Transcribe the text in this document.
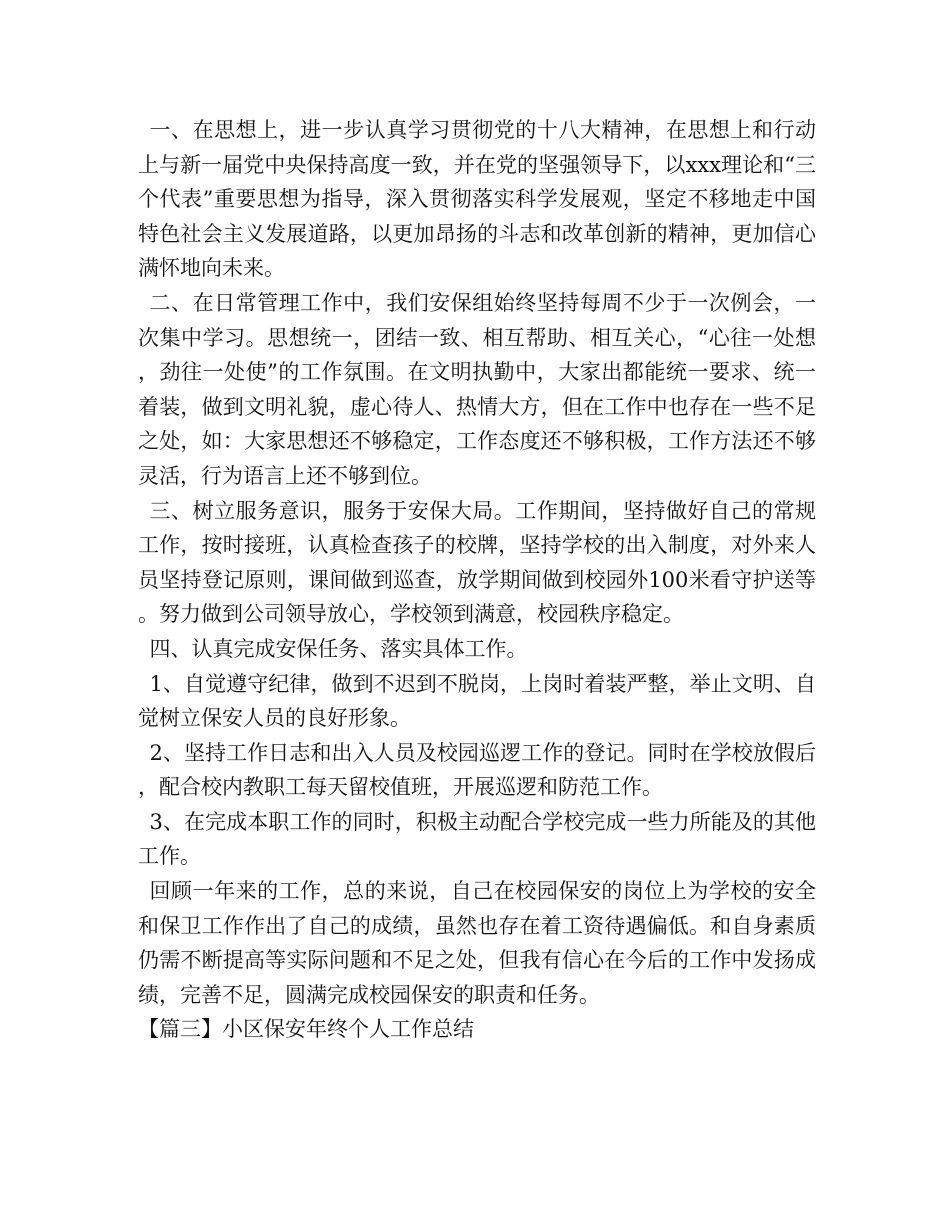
一、在思想上，进一步认真学习贯彻党的十八大精神，在思想上和行动上与新一届党中央保持高度一致，并在党的坚强领导下，以xxx理论和“三个代表”重要思想为指导，深入贯彻落实科学发展观，坚定不移地走中国特色社会主义发展道路，以更加昂扬的斗志和改革创新的精神，更加信心满怀地向未来。

二、在日常管理工作中，我们安保组始终坚持每周不少于一次例会，一次集中学习。思想统一，团结一致、相互帮助、相互关心，“心往一处想，劲往一处使”的工作氛围。在文明执勤中，大家出都能统一要求、统一着装，做到文明礼貌，虚心待人、热情大方，但在工作中也存在一些不足之处，如：大家思想还不够稳定，工作态度还不够积极，工作方法还不够灵活，行为语言上还不够到位。

三、树立服务意识，服务于安保大局。工作期间，坚持做好自己的常规工作，按时接班，认真检查孩子的校牌，坚持学校的出入制度，对外来人员坚持登记原则，课间做到巡查，放学期间做到校园外100米看守护送等。努力做到公司领导放心，学校领到满意，校园秩序稳定。

四、认真完成安保任务、落实具体工作。

1、自觉遵守纪律，做到不迟到不脱岗，上岗时着装严整，举止文明、自觉树立保安人员的良好形象。

2、坚持工作日志和出入人员及校园巡逻工作的登记。同时在学校放假后，配合校内教职工每天留校值班，开展巡逻和防范工作。

3、在完成本职工作的同时，积极主动配合学校完成一些力所能及的其他工作。

回顾一年来的工作，总的来说，自己在校园保安的岗位上为学校的安全和保卫工作作出了自己的成绩，虽然也存在着工资待遇偏低。和自身素质仍需不断提高等实际问题和不足之处，但我有信心在今后的工作中发扬成绩，完善不足，圆满完成校园保安的职责和任务。

【篇三】小区保安年终个人工作总结
